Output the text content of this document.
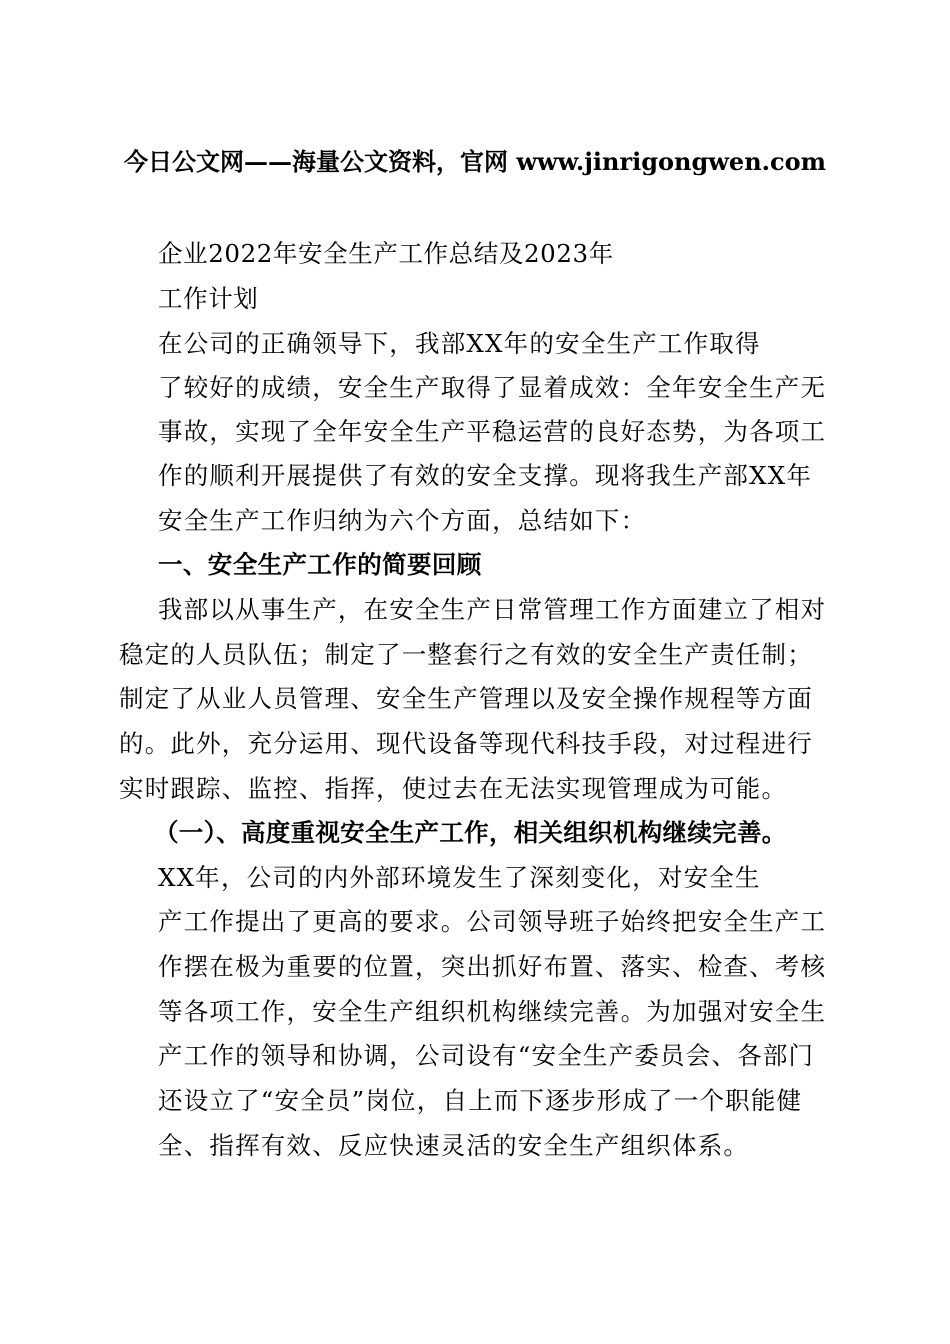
今日公文网——海量公文资料，官网 www.jinrigongwen.com
企业2022年安全生产工作总结及2023年
工作计划
在公司的正确领导下，我部XX年的安全生产工作取得
了较好的成绩，安全生产取得了显着成效：全年安全生产无
事故，实现了全年安全生产平稳运营的良好态势，为各项工
作的顺利开展提供了有效的安全支撑。现将我生产部XX年
安全生产工作归纳为六个方面，总结如下：
一、安全生产工作的简要回顾
我部以从事生产，在安全生产日常管理工作方面建立了相对
稳定的人员队伍；制定了一整套行之有效的安全生产责任制；
制定了从业人员管理、安全生产管理以及安全操作规程等方面
的。此外，充分运用、现代设备等现代科技手段，对过程进行
实时跟踪、监控、指挥，使过去在无法实现管理成为可能。
（一）、高度重视安全生产工作，相关组织机构继续完善。
XX年，公司的内外部环境发生了深刻变化，对安全生
产工作提出了更高的要求。公司领导班子始终把安全生产工
作摆在极为重要的位置，突出抓好布置、落实、检查、考核
等各项工作，安全生产组织机构继续完善。为加强对安全生
产工作的领导和协调，公司设有“安全生产委员会、各部门
还设立了“安全员”岗位，自上而下逐步形成了一个职能健
全、指挥有效、反应快速灵活的安全生产组织体系。
